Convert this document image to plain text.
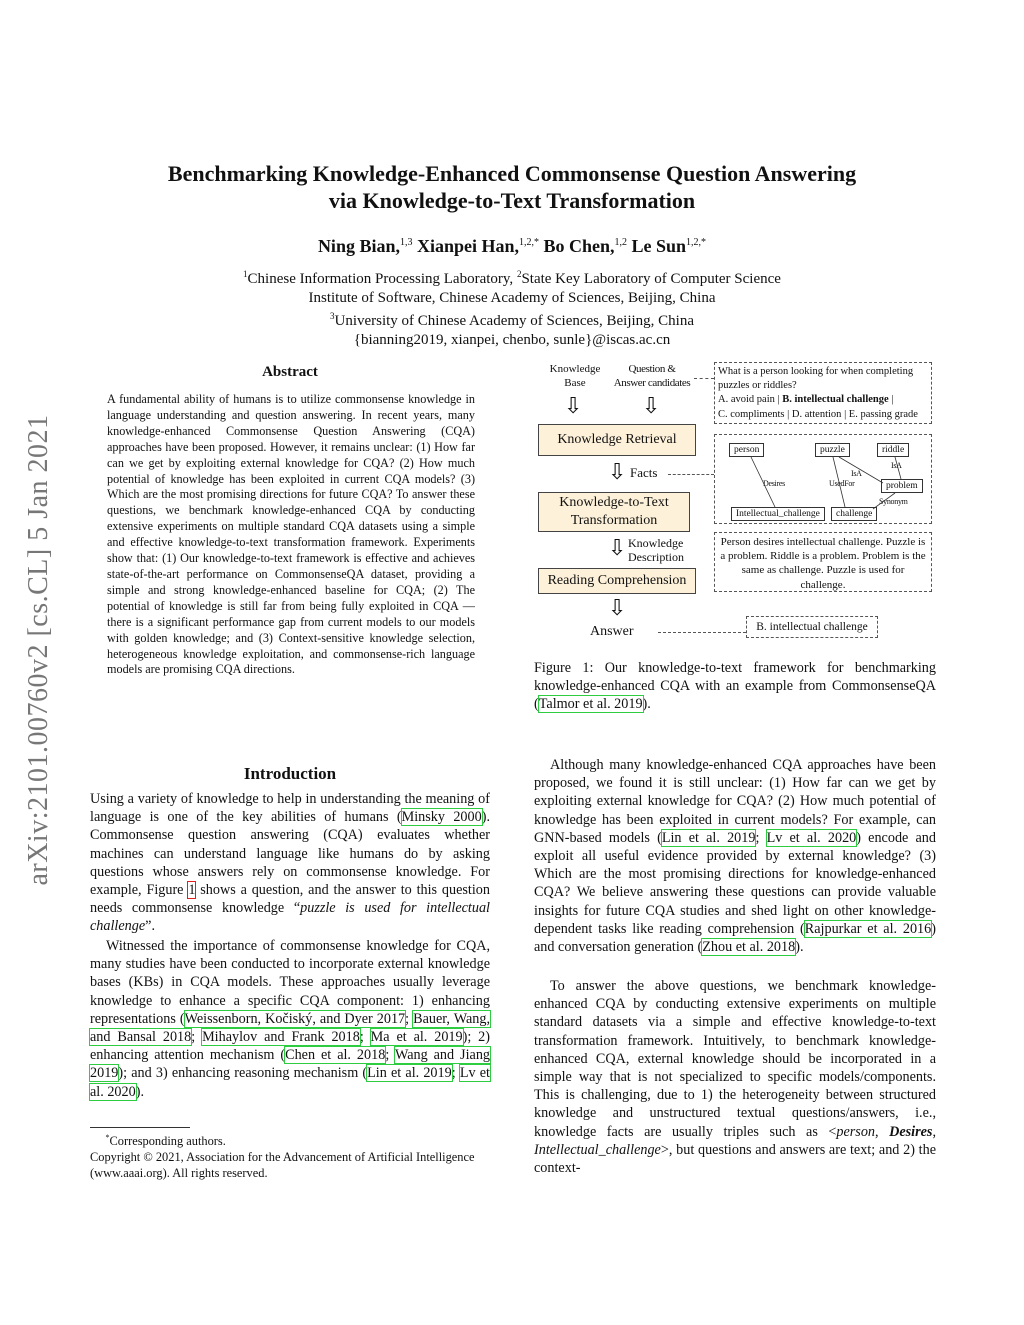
Benchmarking Knowledge-Enhanced Commonsense Question Answering
via Knowledge-to-Text Transformation
Ning Bian,$^{1,3}$ Xianpei Han,$^{1,2,*}$ Bo Chen,$^{1,2}$ Le Sun$^{1,2,*}$
$^1$Chinese Information Processing Laboratory, $^2$State Key Laboratory of Computer Science
Institute of Software, Chinese Academy of Sciences, Beijing, China
$^3$University of Chinese Academy of Sciences, Beijing, China
{bianning2019, xianpei, chenbo, sunle}@iscas.ac.cn
arXiv:2101.00760v2 [cs.CL] 5 Jan 2021
Abstract
A fundamental ability of humans is to utilize commonsense knowledge in language understanding and question answering. In recent years, many knowledge-enhanced Commonsense Question Answering (CQA) approaches have been proposed. However, it remains unclear: (1) How far can we get by exploiting external knowledge for CQA? (2) How much potential of knowledge has been exploited in current CQA models? (3) Which are the most promising directions for future CQA? To answer these questions, we benchmark knowledge-enhanced CQA by conducting extensive experiments on multiple standard CQA datasets using a simple and effective knowledge-to-text transformation framework. Experiments show that: (1) Our knowledge-to-text framework is effective and achieves state-of-the-art performance on CommonsenseQA dataset, providing a simple and strong knowledge-enhanced baseline for CQA; (2) The potential of knowledge is still far from being fully exploited in CQA — there is a significant performance gap from current models to our models with golden knowledge; and (3) Context-sensitive knowledge selection, heterogeneous knowledge exploitation, and commonsense-rich language models are promising CQA directions.
Introduction
Using a variety of knowledge to help in understanding the meaning of language is one of the key abilities of humans (Minsky 2000). Commonsense question answering (CQA) evaluates whether machines can understand language like humans do by asking questions whose answers rely on commonsense knowledge. For example, Figure 1 shows a question, and the answer to this question needs commonsense knowledge “puzzle is used for intellectual challenge”.
Witnessed the importance of commonsense knowledge for CQA, many studies have been conducted to incorporate external knowledge bases (KBs) in CQA models. These approaches usually leverage knowledge to enhance a specific CQA component: 1) enhancing representations (Weissenborn, Kočiský, and Dyer 2017; Bauer, Wang, and Bansal 2018; Mihaylov and Frank 2018; Ma et al. 2019); 2) enhancing attention mechanism (Chen et al. 2018; Wang and Jiang 2019); and 3) enhancing reasoning mechanism (Lin et al. 2019; Lv et al. 2020).
*Corresponding authors.
Copyright © 2021, Association for the Advancement of Artificial Intelligence (www.aaai.org). All rights reserved.
Knowledge Base
Question & Answer candidates
What is a person looking for when completing puzzles or riddles?
A. avoid pain | B. intellectual challenge |
C. compliments | D. attention | E. passing grade
⇩	⇩
Knowledge Retrieval
⇩ Facts
Knowledge-to-Text Transformation
⇩ Knowledge Description
Reading Comprehension
⇩
Answer	B. intellectual challenge
person	puzzle	riddle
problem
Intellectual_challenge	challenge
Desires	UsedFor
IsA
IsA
Synonym
Person desires intellectual challenge. Puzzle is a problem. Riddle is a problem. Problem is the same as challenge. Puzzle is used for challenge.
Figure 1: Our knowledge-to-text framework for benchmarking knowledge-enhanced CQA with an example from CommonsenseQA (Talmor et al. 2019).
Although many knowledge-enhanced CQA approaches have been proposed, we found it is still unclear: (1) How far can we get by exploiting external knowledge for CQA? (2) How much potential of knowledge has been exploited in current models? For example, can GNN-based models (Lin et al. 2019; Lv et al. 2020) encode and exploit all useful evidence provided by external knowledge? (3) Which are the most promising directions for knowledge-enhanced CQA? We believe answering these questions can provide valuable insights for future CQA studies and shed light on other knowledge-dependent tasks like reading comprehension (Rajpurkar et al. 2016) and conversation generation (Zhou et al. 2018).
To answer the above questions, we benchmark knowledge-enhanced CQA by conducting extensive experiments on multiple standard datasets via a simple and effective knowledge-to-text transformation framework. Intuitively, to benchmark knowledge-enhanced CQA, external knowledge should be incorporated in a simple way that is not specialized to specific models/components. This is challenging, due to 1) the heterogeneity between structured knowledge and unstructured textual questions/answers, i.e., knowledge facts are usually triples such as <person, Desires, Intellectual_challenge>, but questions and answers are text; and 2) the context-
